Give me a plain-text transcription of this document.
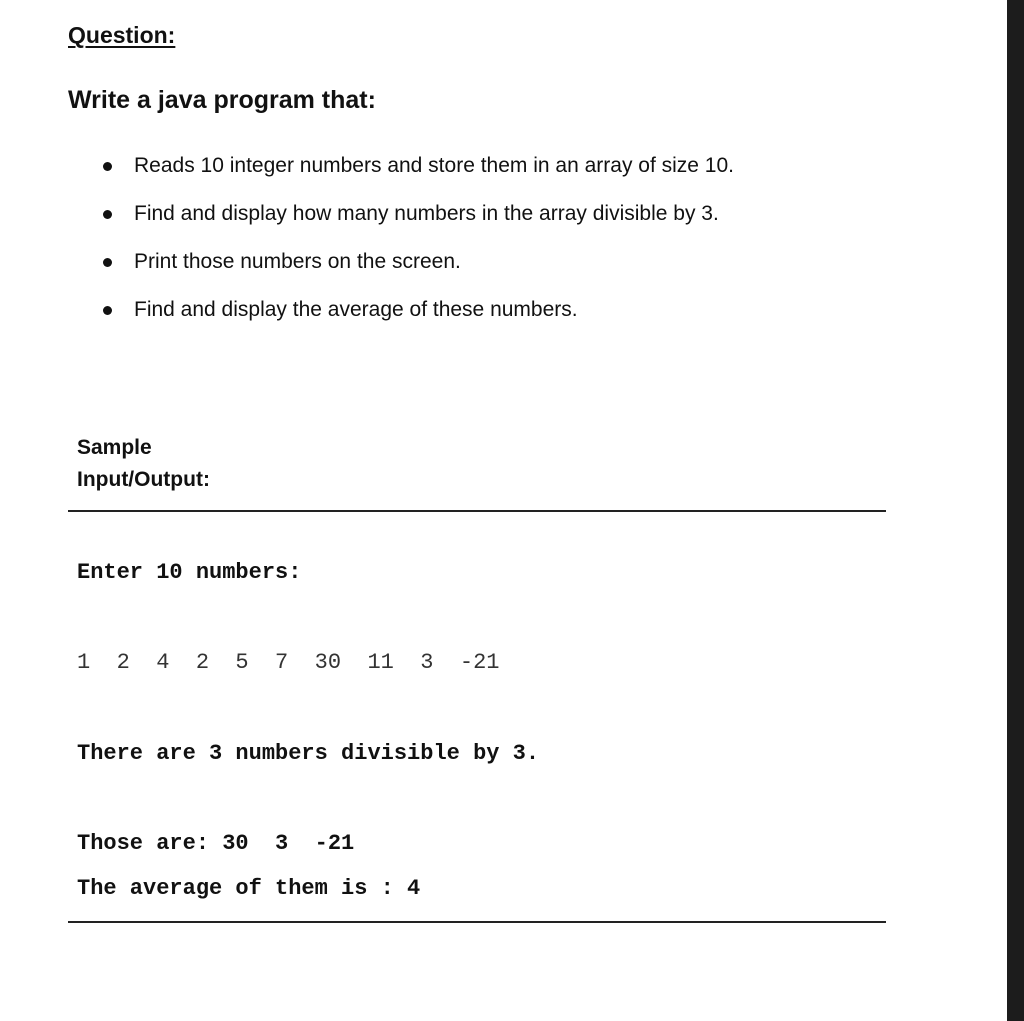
Question:
Write a java program that:
Reads 10 integer numbers and store them in an array of size 10.
Find and display how many numbers in the array divisible by 3.
Print those numbers on the screen.
Find and display the average of these numbers.
Sample
Input/Output:
Enter 10 numbers:
1  2  4  2  5  7  30  11  3  -21
There are 3 numbers divisible by 3.
Those are: 30  3  -21
The average of them is : 4
